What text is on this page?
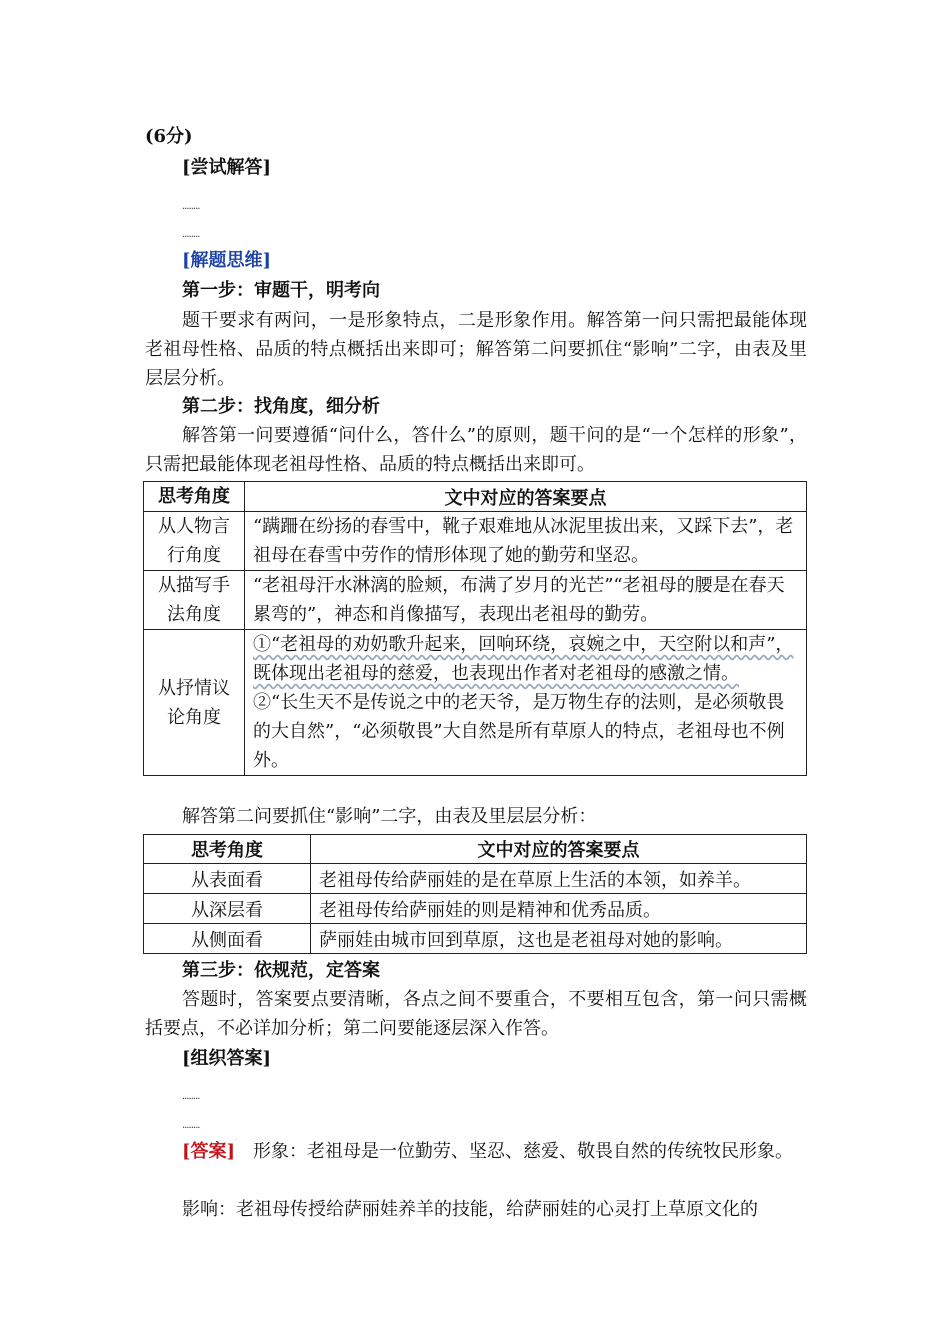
(6分)
[尝试解答]
........
........
[解题思维]
第一步：审题干，明考向
题干要求有两问，一是形象特点，二是形象作用。解答第一问只需把最能体现老祖母性格、品质的特点概括出来即可；解答第二问要抓住“影响”二字，由表及里层层分析。
第二步：找角度，细分析
解答第一问要遵循“问什么，答什么”的原则，题干问的是“一个怎样的形象”，只需把最能体现老祖母性格、品质的特点概括出来即可。
思考角度	文中对应的答案要点
从人物言行角度	“蹒跚在纷扬的春雪中，靴子艰难地从冰泥里拔出来，又踩下去”，老祖母在春雪中劳作的情形体现了她的勤劳和坚忍。
从描写手法角度	“老祖母汗水淋漓的脸颊，布满了岁月的光芒”“老祖母的腰是在春天累弯的”，神态和肖像描写，表现出老祖母的勤劳。
从抒情议论角度	①“老祖母的劝奶歌升起来，回响环绕，哀婉之中，天空附以和声”，既体现出老祖母的慈爱，也表现出作者对老祖母的感激之情。
②“长生天不是传说之中的老天爷，是万物生存的法则，是必须敬畏的大自然”，“必须敬畏”大自然是所有草原人的特点，老祖母也不例外。
解答第二问要抓住“影响”二字，由表及里层层分析：
思考角度	文中对应的答案要点
从表面看	老祖母传给萨丽娃的是在草原上生活的本领，如养羊。
从深层看	老祖母传给萨丽娃的则是精神和优秀品质。
从侧面看	萨丽娃由城市回到草原，这也是老祖母对她的影响。
第三步：依规范，定答案
答题时，答案要点要清晰，各点之间不要重合，不要相互包含，第一问只需概括要点，不必详加分析；第二问要能逐层深入作答。
[组织答案]
........
........
[答案] 形象：老祖母是一位勤劳、坚忍、慈爱、敬畏自然的传统牧民形象。
影响：老祖母传授给萨丽娃养羊的技能，给萨丽娃的心灵打上草原文化的
